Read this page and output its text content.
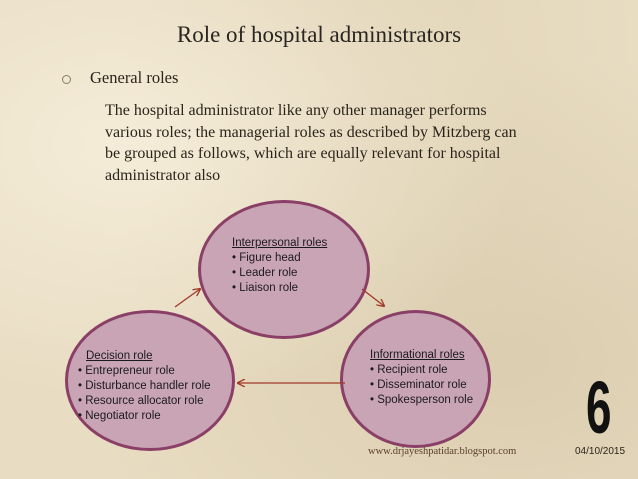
Role of hospital administrators
General roles
The hospital administrator like any other manager performs
various roles; the managerial roles as described by Mitzberg can
be grouped as follows, which are equally relevant for hospital
administrator also
Interpersonal roles
• Figure head
• Leader role
• Liaison role
Decision role
• Entrepreneur role
• Disturbance handler role
• Resource allocator role
• Negotiator role
Informational roles
• Recipient role
• Disseminator role
• Spokesperson role 6
www.drjayeshpatidar.blogspot.com	04/10/2015
